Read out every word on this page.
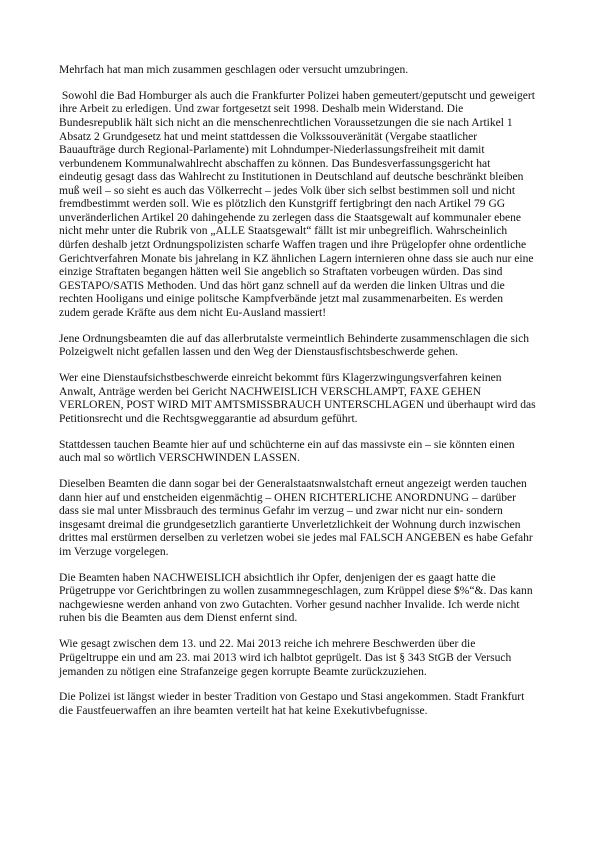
Mehrfach hat man mich zusammen geschlagen oder versucht umzubringen.

Sowohl die Bad Homburger als auch die Frankfurter Polizei haben gemeutert/geputscht und geweigert ihre Arbeit zu erledigen. Und zwar fortgesetzt seit 1998. Deshalb mein Widerstand. Die Bundesrepublik hält sich nicht an die menschenrechtlichen Voraussetzungen die sie nach Artikel 1 Absatz 2 Grundgesetz hat und meint stattdessen die Volkssouveränität (Vergabe staatlicher Bauaufträge durch Regional-Parlamente) mit Lohndumper-Niederlassungsfreiheit mit damit verbundenem Kommunalwahlrecht abschaffen zu können. Das Bundesverfassungsgericht hat eindeutig gesagt dass das Wahlrecht zu Institutionen in Deutschland auf deutsche beschränkt bleiben muß weil – so sieht es auch das Völkerrecht – jedes Volk über sich selbst bestimmen soll und nicht fremdbestimmt werden soll. Wie es plötzlich den Kunstgriff fertigbringt den nach Artikel 79 GG unveränderlichen Artikel 20 dahingehende zu zerlegen dass die Staatsgewalt auf kommunaler ebene nicht mehr unter die Rubrik von „ALLE Staatsgewalt“ fällt ist mir unbegreiflich. Wahrscheinlich dürfen deshalb jetzt Ordnungspolizisten scharfe Waffen tragen und ihre Prügelopfer ohne ordentliche Gerichtverfahren Monate bis jahrelang in KZ ähnlichen Lagern internieren ohne dass sie auch nur eine einzige Straftaten begangen hätten weil Sie angeblich so Straftaten vorbeugen würden. Das sind GESTAPO/SATIS Methoden. Und das hört ganz schnell auf da werden die linken Ultras und die rechten Hooligans und einige politsche Kampfverbände jetzt mal zusammenarbeiten. Es werden zudem gerade Kräfte aus dem nicht Eu-Ausland massiert!

Jene Ordnungsbeamten die auf das allerbrutalste vermeintlich Behinderte zusammenschlagen die sich Polzeigwelt nicht gefallen lassen und den Weg der Dienstausfischtsbeschwerde gehen.

Wer eine Dienstaufsichstbeschwerde einreicht bekommt fürs Klagerzwingungsverfahren keinen Anwalt, Anträge werden bei Gericht NACHWEISLICH VERSCHLAMPT, FAXE GEHEN VERLOREN, POST WIRD MIT AMTSMISSBRAUCH UNTERSCHLAGEN und überhaupt wird das Petitionsrecht und die Rechtsgweggarantie ad absurdum geführt.

Stattdessen tauchen Beamte hier auf und schüchterne ein auf das massivste ein – sie könnten einen auch mal so wörtlich VERSCHWINDEN LASSEN.

Dieselben Beamten die dann sogar bei der Generalstaatsnwalstchaft erneut angezeigt werden tauchen dann hier auf und enstcheiden eigenmächtig – OHEN RICHTERLICHE ANORDNUNG – darüber dass sie mal unter Missbrauch des terminus Gefahr im verzug – und zwar nicht nur ein- sondern insgesamt dreimal die grundgesetzlich garantierte Unverletzlichkeit der Wohnung durch inzwischen drittes mal erstürmen derselben zu verletzen wobei sie jedes mal FALSCH ANGEBEN es habe Gefahr im Verzuge vorgelegen.

Die Beamten haben NACHWEISLICH absichtlich ihr Opfer, denjenigen der es gaagt hatte die Prügetruppe vor Gerichtbringen zu wollen zusammnegeschlagen, zum Krüppel diese $%“&. Das kann nachgewiesne werden anhand von zwo Gutachten. Vorher gesund nachher Invalide. Ich werde nicht ruhen bis die Beamten aus dem Dienst enfernt sind.

Wie gesagt zwischen dem 13. und 22. Mai 2013 reiche ich mehrere Beschwerden über die Prügeltruppe ein und am 23. mai 2013 wird ich halbtot geprügelt. Das ist § 343 StGB der Versuch jemanden zu nötigen eine Strafanzeige gegen korrupte Beamte zurückzuziehen.

Die Polizei ist längst wieder in bester Tradition von Gestapo und Stasi angekommen. Stadt Frankfurt die Faustfeuerwaffen an ihre beamten verteilt hat hat keine Exekutivbefugnisse.
